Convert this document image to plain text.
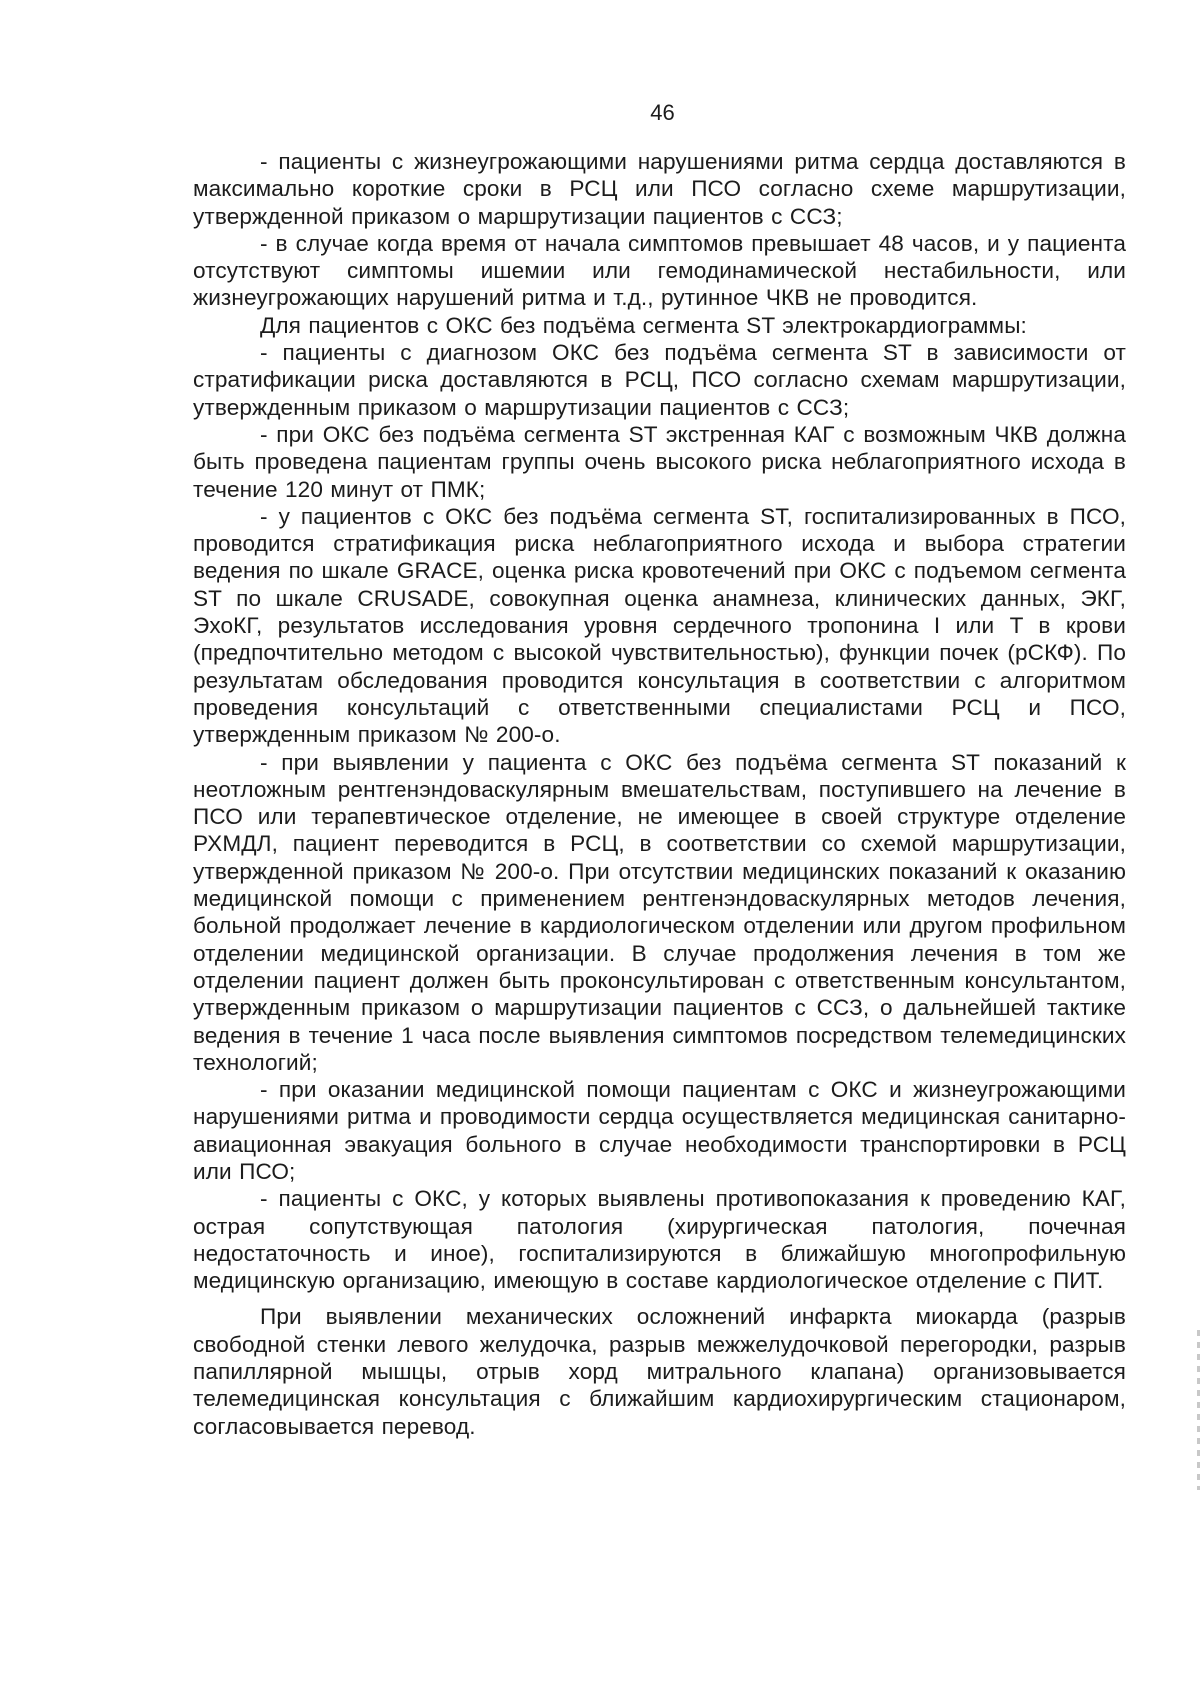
46

- пациенты с жизнеугрожающими нарушениями ритма сердца доставляются в максимально короткие сроки в РСЦ или ПСО согласно схеме маршрутизации, утвержденной приказом о маршрутизации пациентов с ССЗ;

- в случае когда время от начала симптомов превышает 48 часов, и у пациента отсутствуют симптомы ишемии или гемодинамической нестабильности, или жизнеугрожающих нарушений ритма и т.д., рутинное ЧКВ не проводится.

Для пациентов с ОКС без подъёма сегмента ST электрокардиограммы:

- пациенты с диагнозом ОКС без подъёма сегмента ST в зависимости от стратификации риска доставляются в РСЦ, ПСО согласно схемам маршрутизации, утвержденным приказом о маршрутизации пациентов с ССЗ;

- при ОКС без подъёма сегмента ST экстренная КАГ с возможным ЧКВ должна быть проведена пациентам группы очень высокого риска неблагоприятного исхода в течение 120 минут от ПМК;

- у пациентов с ОКС без подъёма сегмента ST, госпитализированных в ПСО, проводится стратификация риска неблагоприятного исхода и выбора стратегии ведения по шкале GRACE, оценка риска кровотечений при ОКС с подъемом сегмента ST по шкале CRUSADE, совокупная оценка анамнеза, клинических данных, ЭКГ, ЭхоКГ, результатов исследования уровня сердечного тропонина I или T в крови (предпочтительно методом с высокой чувствительностью), функции почек (рСКФ). По результатам обследования проводится консультация в соответствии с алгоритмом проведения консультаций с ответственными специалистами РСЦ и ПСО, утвержденным приказом № 200-о.

- при выявлении у пациента с ОКС без подъёма сегмента ST показаний к неотложным рентгенэндоваскулярным вмешательствам, поступившего на лечение в ПСО или терапевтическое отделение, не имеющее в своей структуре отделение РХМДЛ, пациент переводится в РСЦ, в соответствии со схемой маршрутизации, утвержденной приказом № 200-о. При отсутствии медицинских показаний к оказанию медицинской помощи с применением рентгенэндоваскулярных методов лечения, больной продолжает лечение в кардиологическом отделении или другом профильном отделении медицинской организации. В случае продолжения лечения в том же отделении пациент должен быть проконсультирован с ответственным консультантом, утвержденным приказом о маршрутизации пациентов с ССЗ, о дальнейшей тактике ведения в течение 1 часа после выявления симптомов посредством телемедицинских технологий;

- при оказании медицинской помощи пациентам с ОКС и жизнеугрожающими нарушениями ритма и проводимости сердца осуществляется медицинская санитарно-авиационная эвакуация больного в случае необходимости транспортировки в РСЦ или ПСО;

- пациенты с ОКС, у которых выявлены противопоказания к проведению КАГ, острая сопутствующая патология (хирургическая патология, почечная недостаточность и иное), госпитализируются в ближайшую многопрофильную медицинскую организацию, имеющую в составе кардиологическое отделение с ПИТ.

При выявлении механических осложнений инфаркта миокарда (разрыв свободной стенки левого желудочка, разрыв межжелудочковой перегородки, разрыв папиллярной мышцы, отрыв хорд митрального клапана) организовывается телемедицинская консультация с ближайшим кардиохирургическим стационаром, согласовывается перевод.
